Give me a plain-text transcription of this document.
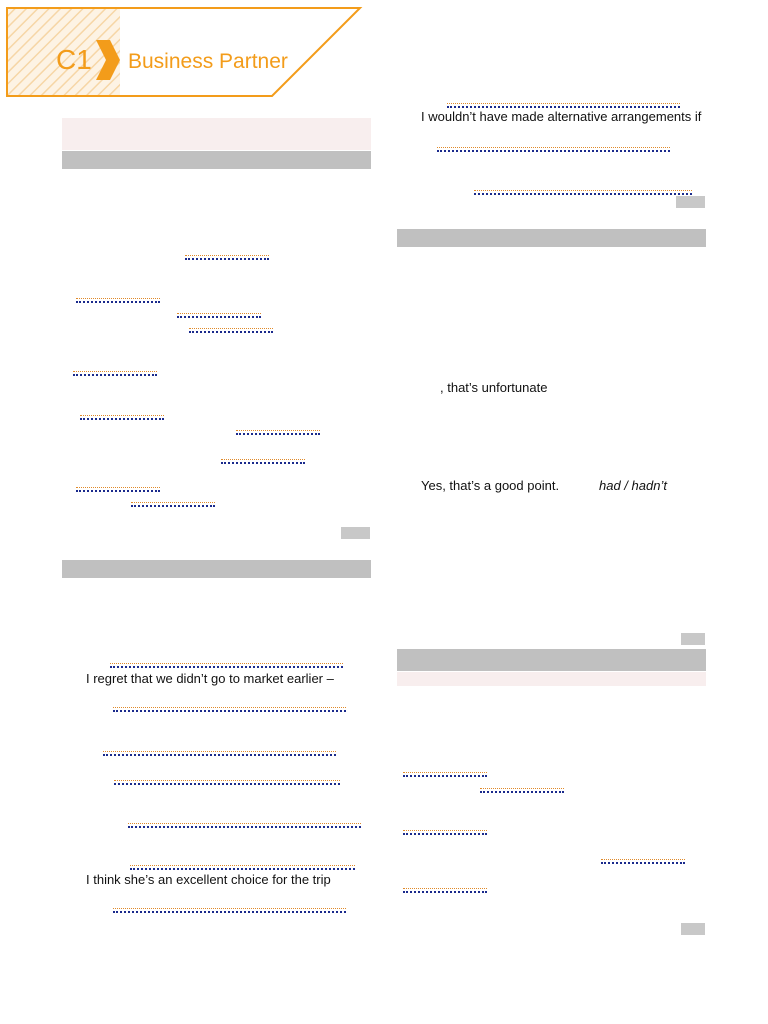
C1 Business Partner
I regret that we didn’t go to market earlier –
I think she’s an excellent choice for the trip
I wouldn’t have made alternative arrangements if
, that’s unfortunate
Yes, that’s a good point.	had / hadn’t
